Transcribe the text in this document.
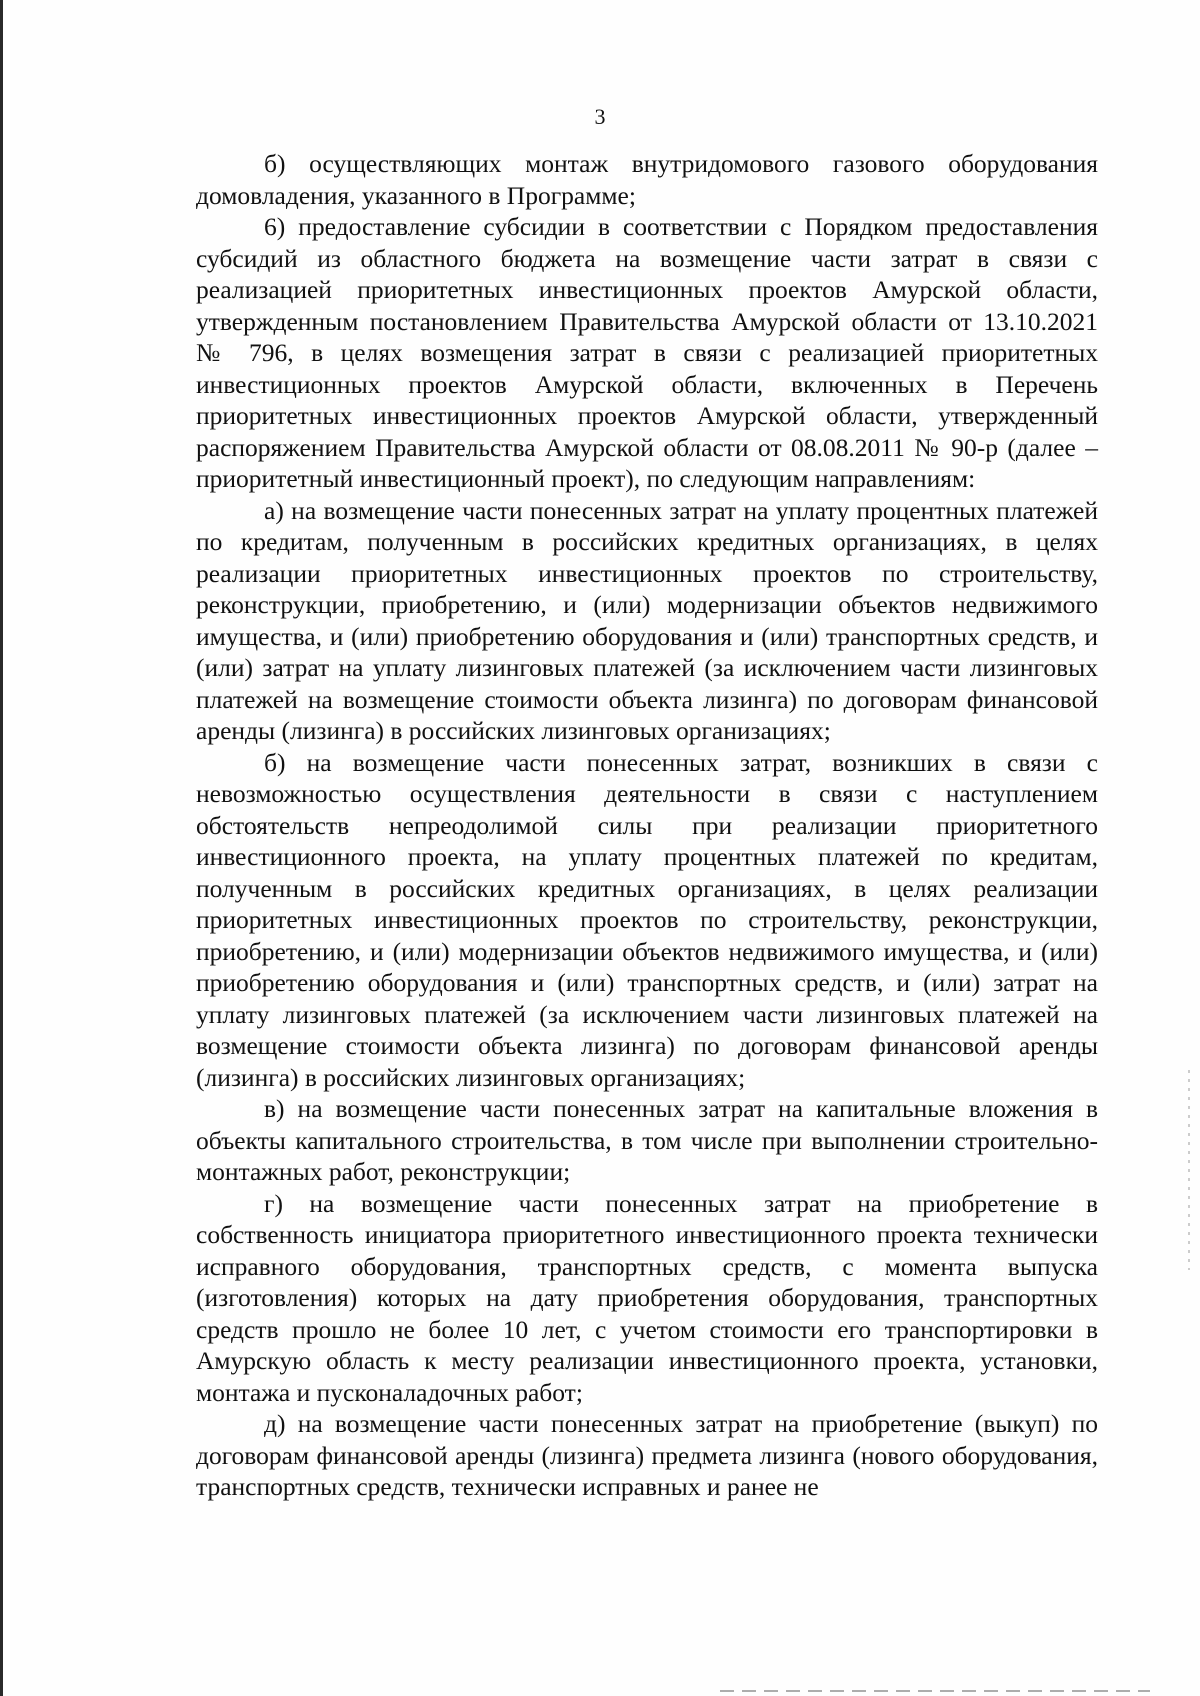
3

б) осуществляющих монтаж внутридомового газового оборудования домовладения, указанного в Программе;

6) предоставление субсидии в соответствии с Порядком предоставления субсидий из областного бюджета на возмещение части затрат в связи с реализацией приоритетных инвестиционных проектов Амурской области, утвержденным постановлением Правительства Амурской области от 13.10.2021 № 796, в целях возмещения затрат в связи с реализацией приоритетных инвестиционных проектов Амурской области, включенных в Перечень приоритетных инвестиционных проектов Амурской области, утвержденный распоряжением Правительства Амурской области от 08.08.2011 № 90-р (далее – приоритетный инвестиционный проект), по следующим направлениям:

а) на возмещение части понесенных затрат на уплату процентных платежей по кредитам, полученным в российских кредитных организациях, в целях реализации приоритетных инвестиционных проектов по строительству, реконструкции, приобретению, и (или) модернизации объектов недвижимого имущества, и (или) приобретению оборудования и (или) транспортных средств, и (или) затрат на уплату лизинговых платежей (за исключением части лизинговых платежей на возмещение стоимости объекта лизинга) по договорам финансовой аренды (лизинга) в российских лизинговых организациях;

б) на возмещение части понесенных затрат, возникших в связи с невозможностью осуществления деятельности в связи с наступлением обстоятельств непреодолимой силы при реализации приоритетного инвестиционного проекта, на уплату процентных платежей по кредитам, полученным в российских кредитных организациях, в целях реализации приоритетных инвестиционных проектов по строительству, реконструкции, приобретению, и (или) модернизации объектов недвижимого имущества, и (или) приобретению оборудования и (или) транспортных средств, и (или) затрат на уплату лизинговых платежей (за исключением части лизинговых платежей на возмещение стоимости объекта лизинга) по договорам финансовой аренды (лизинга) в российских лизинговых организациях;

в) на возмещение части понесенных затрат на капитальные вложения в объекты капитального строительства, в том числе при выполнении строительно-монтажных работ, реконструкции;

г) на возмещение части понесенных затрат на приобретение в собственность инициатора приоритетного инвестиционного проекта технически исправного оборудования, транспортных средств, с момента выпуска (изготовления) которых на дату приобретения оборудования, транспортных средств прошло не более 10 лет, с учетом стоимости его транспортировки в Амурскую область к месту реализации инвестиционного проекта, установки, монтажа и пусконаладочных работ;

д) на возмещение части понесенных затрат на приобретение (выкуп) по договорам финансовой аренды (лизинга) предмета лизинга (нового оборудования, транспортных средств, технически исправных и ранее не
